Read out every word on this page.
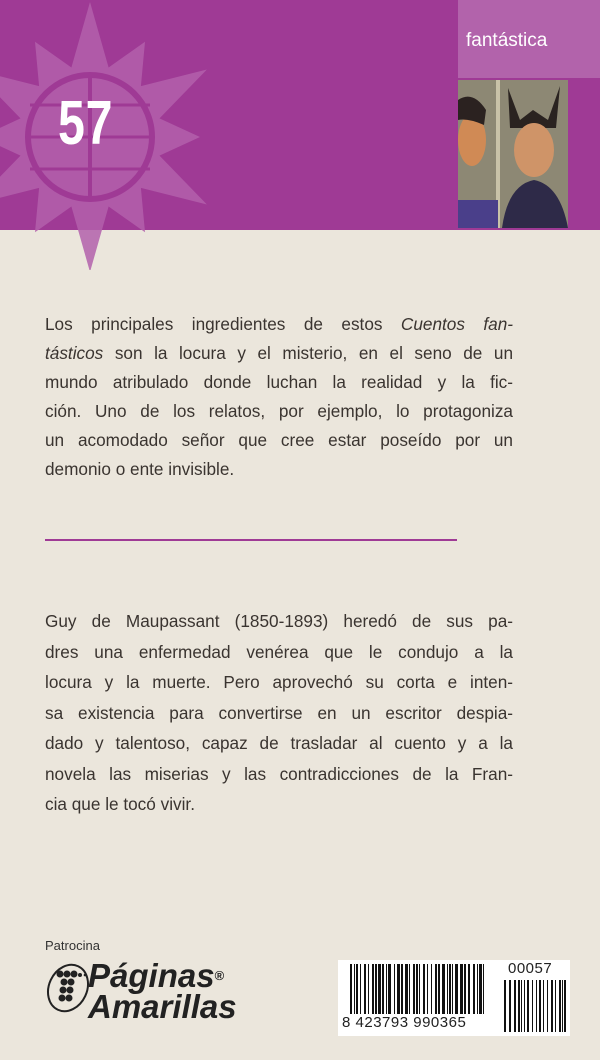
57
fantástica
Los principales ingredientes de estos Cuentos fan-
tásticos son la locura y el misterio, en el seno de un
mundo atribulado donde luchan la realidad y la fic-
ción. Uno de los relatos, por ejemplo, lo protagoniza
un acomodado señor que cree estar poseído por un
demonio o ente invisible.
Guy de Maupassant (1850-1893) heredó de sus pa-
dres una enfermedad venérea que le condujo a la
locura y la muerte. Pero aprovechó su corta e inten-
sa existencia para convertirse en un escritor despia-
dado y talentoso, capaz de trasladar al cuento y a la
novela las miserias y las contradicciones de la Fran-
cia que le tocó vivir.
Patrocina
Páginas®
Amarillas	8 423793 990365
00057
